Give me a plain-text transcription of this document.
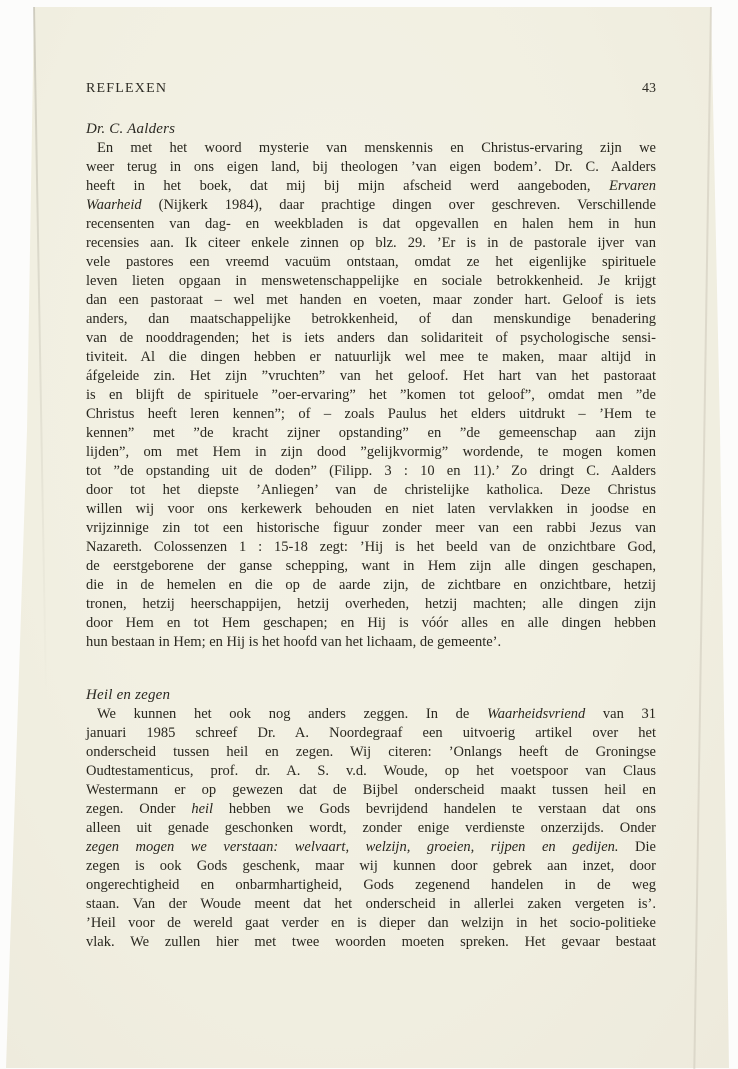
REFLEXEN	43
Dr. C. Aalders
En met het woord mysterie van menskennis en Christus-ervaring zijn we
weer terug in ons eigen land, bij theologen ’van eigen bodem’. Dr. C. Aalders
heeft in het boek, dat mij bij mijn afscheid werd aangeboden, Ervaren
Waarheid (Nijkerk 1984), daar prachtige dingen over geschreven. Verschillende
recensenten van dag- en weekbladen is dat opgevallen en halen hem in hun
recensies aan. Ik citeer enkele zinnen op blz. 29. ’Er is in de pastorale ijver van
vele pastores een vreemd vacuüm ontstaan, omdat ze het eigenlijke spirituele
leven lieten opgaan in menswetenschappelijke en sociale betrokkenheid. Je krijgt
dan een pastoraat – wel met handen en voeten, maar zonder hart. Geloof is iets
anders, dan maatschappelijke betrokkenheid, of dan menskundige benadering
van de nooddragenden; het is iets anders dan solidariteit of psychologische sensi-
tiviteit. Al die dingen hebben er natuurlijk wel mee te maken, maar altijd in
áfgeleide zin. Het zijn ”vruchten” van het geloof. Het hart van het pastoraat
is en blijft de spirituele ”oer-ervaring” het ”komen tot geloof”, omdat men ”de
Christus heeft leren kennen”; of – zoals Paulus het elders uitdrukt – ’Hem te
kennen” met ”de kracht zijner opstanding” en ”de gemeenschap aan zijn
lijden”, om met Hem in zijn dood ”gelijkvormig” wordende, te mogen komen
tot ”de opstanding uit de doden” (Filipp. 3 : 10 en 11).’ Zo dringt C. Aalders
door tot het diepste ’Anliegen’ van de christelijke katholica. Deze Christus
willen wij voor ons kerkewerk behouden en niet laten vervlakken in joodse en
vrijzinnige zin tot een historische figuur zonder meer van een rabbi Jezus van
Nazareth. Colossenzen 1 : 15-18 zegt: ’Hij is het beeld van de onzichtbare God,
de eerstgeborene der ganse schepping, want in Hem zijn alle dingen geschapen,
die in de hemelen en die op de aarde zijn, de zichtbare en onzichtbare, hetzij
tronen, hetzij heerschappijen, hetzij overheden, hetzij machten; alle dingen zijn
door Hem en tot Hem geschapen; en Hij is vóór alles en alle dingen hebben
hun bestaan in Hem; en Hij is het hoofd van het lichaam, de gemeente’.
Heil en zegen
We kunnen het ook nog anders zeggen. In de Waarheidsvriend van 31
januari 1985 schreef Dr. A. Noordegraaf een uitvoerig artikel over het
onderscheid tussen heil en zegen. Wij citeren: ’Onlangs heeft de Groningse
Oudtestamenticus, prof. dr. A. S. v.d. Woude, op het voetspoor van Claus
Westermann er op gewezen dat de Bijbel onderscheid maakt tussen heil en
zegen. Onder heil hebben we Gods bevrijdend handelen te verstaan dat ons
alleen uit genade geschonken wordt, zonder enige verdienste onzerzijds. Onder
zegen mogen we verstaan: welvaart, welzijn, groeien, rijpen en gedijen. Die
zegen is ook Gods geschenk, maar wij kunnen door gebrek aan inzet, door
ongerechtigheid en onbarmhartigheid, Gods zegenend handelen in de weg
staan. Van der Woude meent dat het onderscheid in allerlei zaken vergeten is’.
’Heil voor de wereld gaat verder en is dieper dan welzijn in het socio-politieke
vlak. We zullen hier met twee woorden moeten spreken. Het gevaar bestaat
